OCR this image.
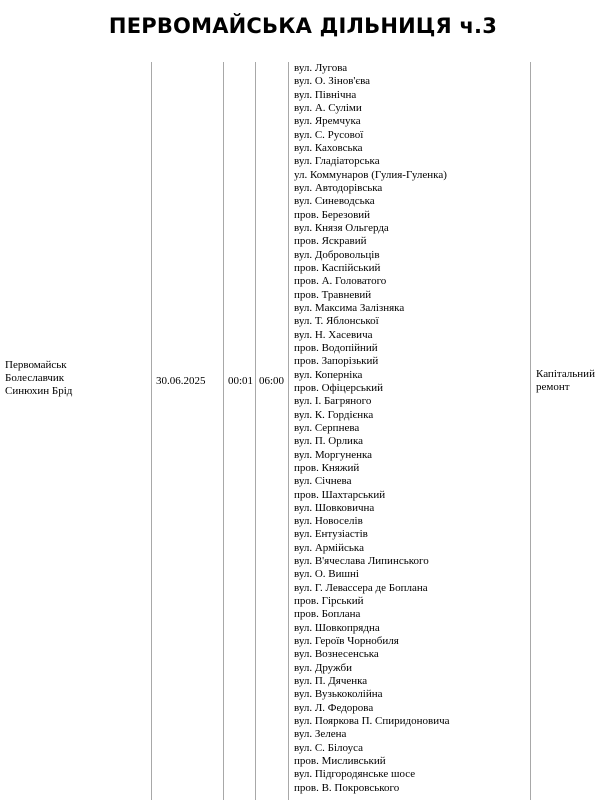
ПЕРВОМАЙСЬКА ДІЛЬНИЦЯ ч.3
Первомайськ
Болеславчик
Синюхин Брід
30.06.2025 00:01 06:00
вул. Лугова
вул. О. Зінов'єва
вул. Північна
вул. А. Суліми
вул. Яремчука
вул. С. Русової
вул. Каховська
вул. Гладіаторська
ул. Коммунаров (Гулия-Гуленка)
вул. Автодорівська
вул. Синеводська
пров. Березовий
вул. Князя Ольгерда
пров. Яскравий
вул. Добровольців
пров. Каспійський
пров. А. Головатого
пров. Травневий
вул. Максима Залізняка
вул. Т. Яблонської
вул. Н. Хасевича
пров. Водопійний
пров. Запорізький
вул. Коперніка
пров. Офіцерський
вул. І. Багряного
вул. К. Гордієнка
вул. Серпнева
вул. П. Орлика
вул. Моргуненка
пров. Княжий
вул. Січнева
пров. Шахтарський
вул. Шовковична
вул. Новоселів
вул. Ентузіастів
вул. Армійська
вул. В'ячеслава Липинського
вул. О. Вишні
вул. Г. Левассера де Боплана
пров. Гірський
пров. Боплана
вул. Шовкопрядна
вул. Героїв Чорнобиля
вул. Вознесенська
вул. Дружби
вул. П. Дяченка
вул. Вузькоколійна
вул. Л. Федорова
вул. Пояркова П. Спиридоновича
вул. Зелена
вул. С. Білоуса
пров. Мисливський
вул. Підгородянське шосе
пров. В. Покровського
Капітальний
ремонт
